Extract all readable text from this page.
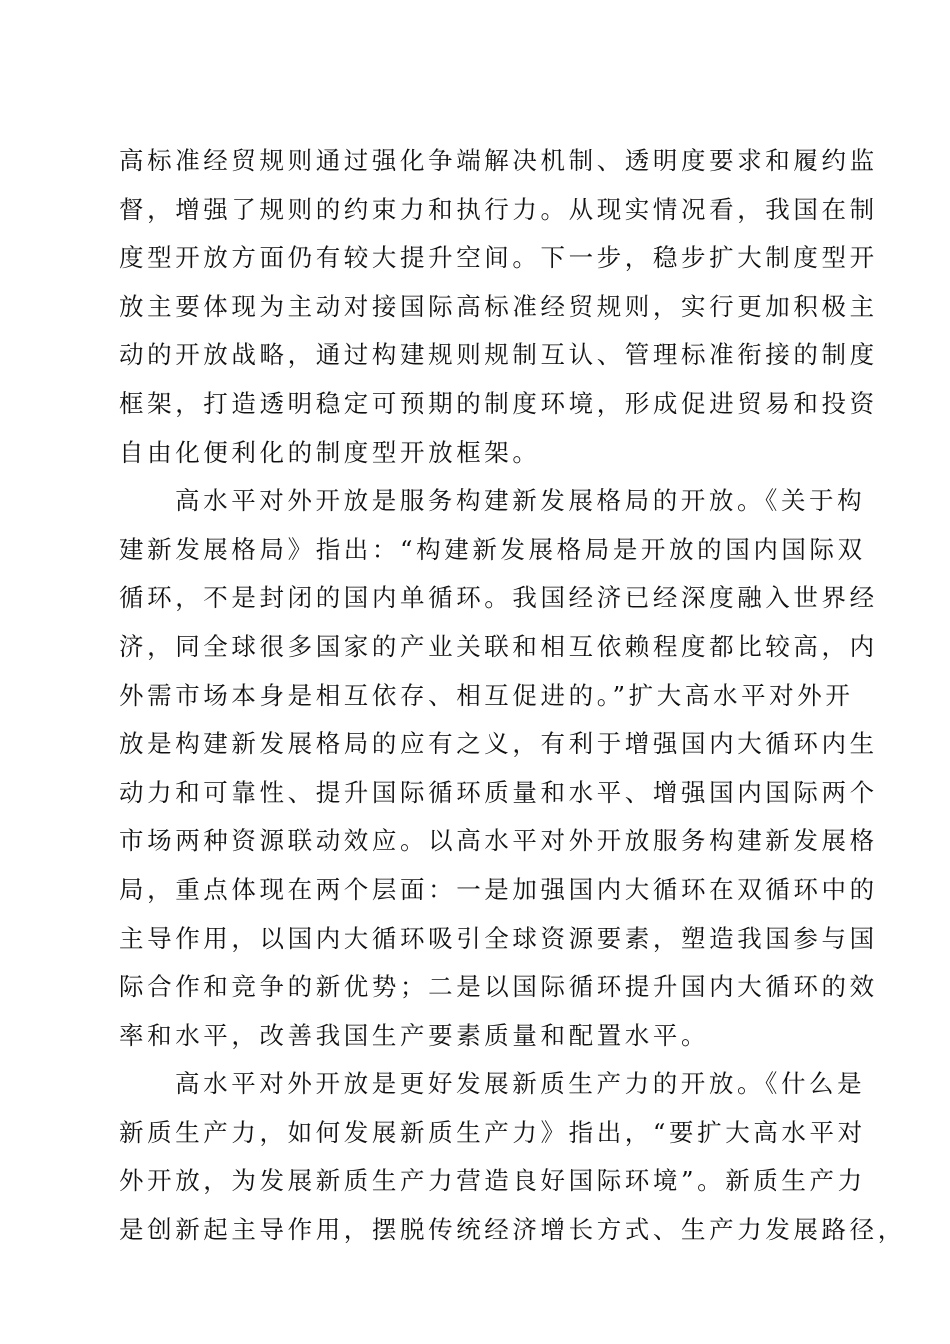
高标准经贸规则通过强化争端解决机制、透明度要求和履约监
督，增强了规则的约束力和执行力。从现实情况看，我国在制
度型开放方面仍有较大提升空间。下一步，稳步扩大制度型开
放主要体现为主动对接国际高标准经贸规则，实行更加积极主
动的开放战略，通过构建规则规制互认、管理标准衔接的制度
框架，打造透明稳定可预期的制度环境，形成促进贸易和投资
自由化便利化的制度型开放框架。
高水平对外开放是服务构建新发展格局的开放。《关于构
建新发展格局》指出：“构建新发展格局是开放的国内国际双
循环，不是封闭的国内单循环。我国经济已经深度融入世界经
济，同全球很多国家的产业关联和相互依赖程度都比较高，内
外需市场本身是相互依存、相互促进的。”扩大高水平对外开
放是构建新发展格局的应有之义，有利于增强国内大循环内生
动力和可靠性、提升国际循环质量和水平、增强国内国际两个
市场两种资源联动效应。以高水平对外开放服务构建新发展格
局，重点体现在两个层面：一是加强国内大循环在双循环中的
主导作用，以国内大循环吸引全球资源要素，塑造我国参与国
际合作和竞争的新优势；二是以国际循环提升国内大循环的效
率和水平，改善我国生产要素质量和配置水平。
高水平对外开放是更好发展新质生产力的开放。《什么是
新质生产力，如何发展新质生产力》指出，“要扩大高水平对
外开放，为发展新质生产力营造良好国际环境”。新质生产力
是创新起主导作用，摆脱传统经济增长方式、生产力发展路径，
